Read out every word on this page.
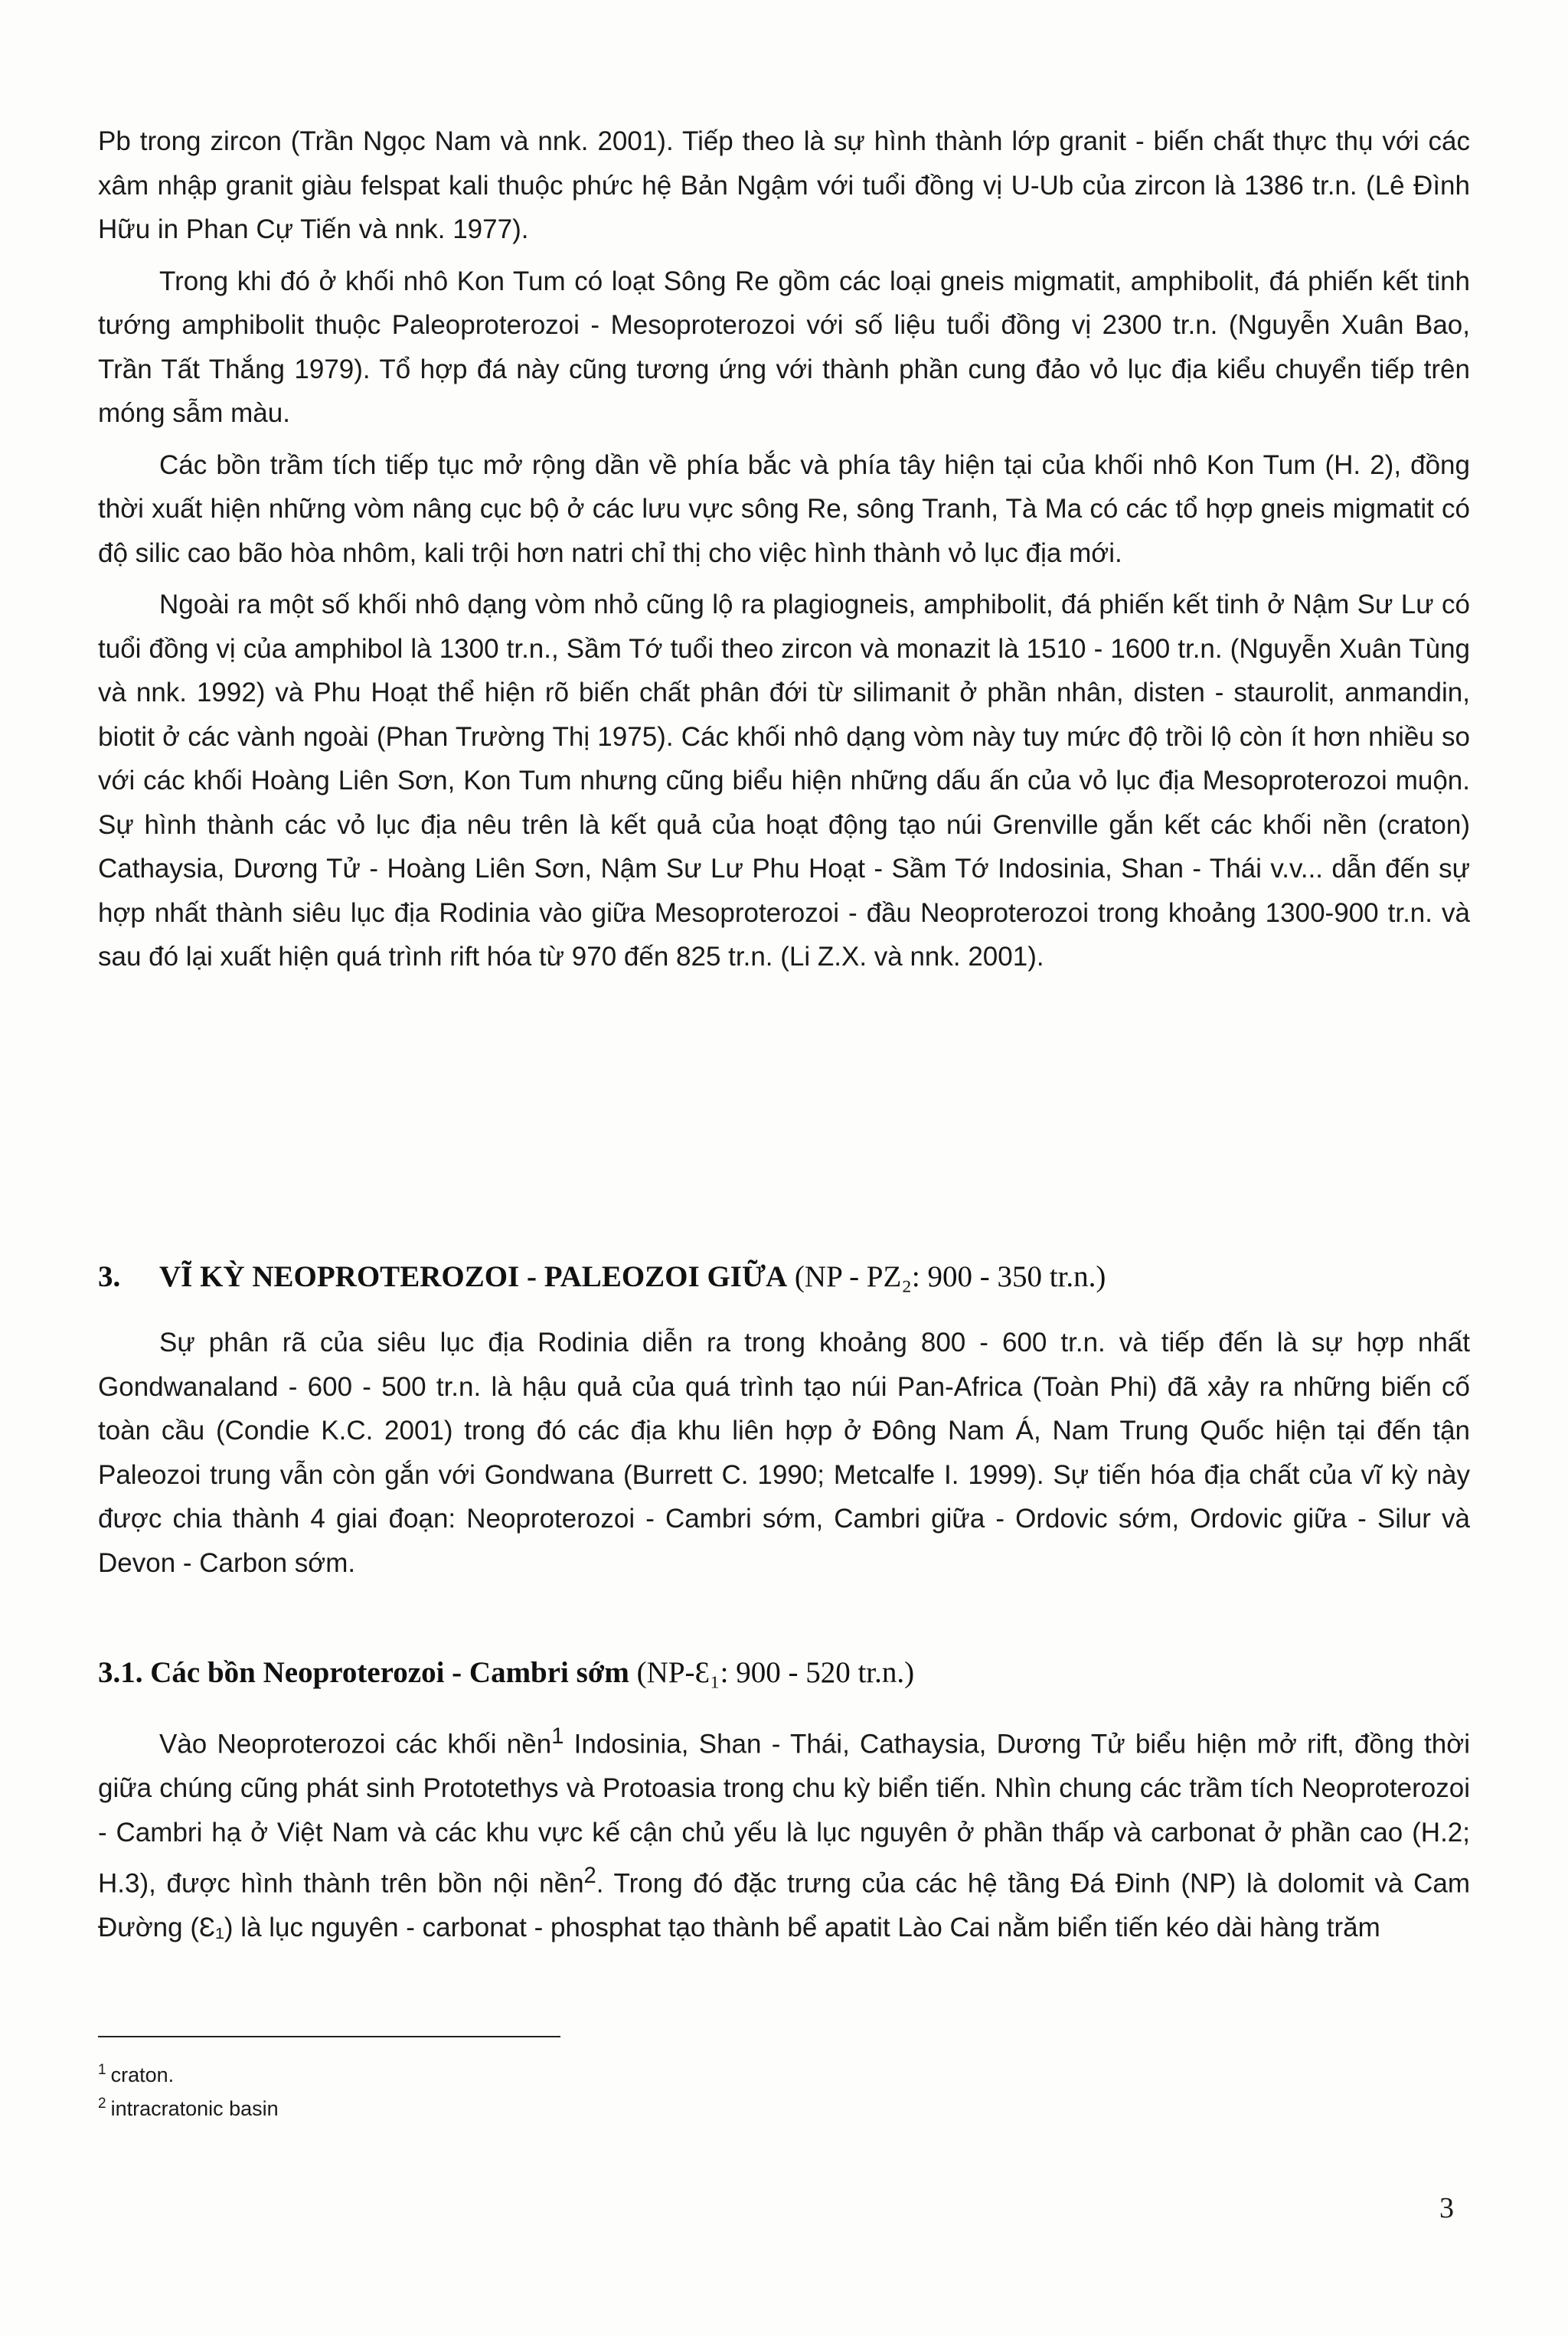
Pb trong zircon (Trần Ngọc Nam và nnk. 2001). Tiếp theo là sự hình thành lớp granit - biến chất thực thụ với các xâm nhập granit giàu felspat kali thuộc phức hệ Bản Ngậm với tuổi đồng vị U-Ub của zircon là 1386 tr.n. (Lê Đình Hữu in Phan Cự Tiến và nnk. 1977).

Trong khi đó ở khối nhô Kon Tum có loạt Sông Re gồm các loại gneis migmatit, amphibolit, đá phiến kết tinh tướng amphibolit thuộc Paleoproterozoi - Mesoproterozoi với số liệu tuổi đồng vị 2300 tr.n. (Nguyễn Xuân Bao, Trần Tất Thắng 1979). Tổ hợp đá này cũng tương ứng với thành phần cung đảo vỏ lục địa kiểu chuyển tiếp trên móng sẫm màu.

Các bồn trầm tích tiếp tục mở rộng dần về phía bắc và phía tây hiện tại của khối nhô Kon Tum (H. 2), đồng thời xuất hiện những vòm nâng cục bộ ở các lưu vực sông Re, sông Tranh, Tà Ma có các tổ hợp gneis migmatit có độ silic cao bão hòa nhôm, kali trội hơn natri chỉ thị cho việc hình thành vỏ lục địa mới.

Ngoài ra một số khối nhô dạng vòm nhỏ cũng lộ ra plagiogneis, amphibolit, đá phiến kết tinh ở Nậm Sư Lư có tuổi đồng vị của amphibol là 1300 tr.n., Sầm Tớ tuổi theo zircon và monazit là 1510 - 1600 tr.n. (Nguyễn Xuân Tùng và nnk. 1992) và Phu Hoạt thể hiện rõ biến chất phân đới từ silimanit ở phần nhân, disten - staurolit, anmandin, biotit ở các vành ngoài (Phan Trường Thị 1975). Các khối nhô dạng vòm này tuy mức độ trồi lộ còn ít hơn nhiều so với các khối Hoàng Liên Sơn, Kon Tum nhưng cũng biểu hiện những dấu ấn của vỏ lục địa Mesoproterozoi muộn. Sự hình thành các vỏ lục địa nêu trên là kết quả của hoạt động tạo núi Grenville gắn kết các khối nền (craton) Cathaysia, Dương Tử - Hoàng Liên Sơn, Nậm Sư Lư Phu Hoạt - Sầm Tớ Indosinia, Shan - Thái v.v... dẫn đến sự hợp nhất thành siêu lục địa Rodinia vào giữa Mesoproterozoi - đầu Neoproterozoi trong khoảng 1300-900 tr.n. và sau đó lại xuất hiện quá trình rift hóa từ 970 đến 825 tr.n. (Li Z.X. và nnk. 2001).

3. VĨ KỲ NEOPROTEROZOI - PALEOZOI GIỮA (NP - PZ₂: 900 - 350 tr.n.)

Sự phân rã của siêu lục địa Rodinia diễn ra trong khoảng 800 - 600 tr.n. và tiếp đến là sự hợp nhất Gondwanaland - 600 - 500 tr.n. là hậu quả của quá trình tạo núi Pan-Africa (Toàn Phi) đã xảy ra những biến cố toàn cầu (Condie K.C. 2001) trong đó các địa khu liên hợp ở Đông Nam Á, Nam Trung Quốc hiện tại đến tận Paleozoi trung vẫn còn gắn với Gondwana (Burrett C. 1990; Metcalfe I. 1999). Sự tiến hóa địa chất của vĩ kỳ này được chia thành 4 giai đoạn: Neoproterozoi - Cambri sớm, Cambri giữa - Ordovic sớm, Ordovic giữa - Silur và Devon - Carbon sớm.

3.1. Các bồn Neoproterozoi - Cambri sớm (NP-Ɛ₁: 900 - 520 tr.n.)

Vào Neoproterozoi các khối nền$^1$ Indosinia, Shan - Thái, Cathaysia, Dương Tử biểu hiện mở rift, đồng thời giữa chúng cũng phát sinh Prototethys và Protoasia trong chu kỳ biển tiến. Nhìn chung các trầm tích Neoproterozoi - Cambri hạ ở Việt Nam và các khu vực kế cận chủ yếu là lục nguyên ở phần thấp và carbonat ở phần cao (H.2; H.3), được hình thành trên bồn nội nền$^2$. Trong đó đặc trưng của các hệ tầng Đá Đinh (NP) là dolomit và Cam Đường (Ɛ₁) là lục nguyên - carbonat - phosphat tạo thành bể apatit Lào Cai nằm biển tiến kéo dài hàng trăm

$^1$ craton.
$^2$ intracratonic basin
3
